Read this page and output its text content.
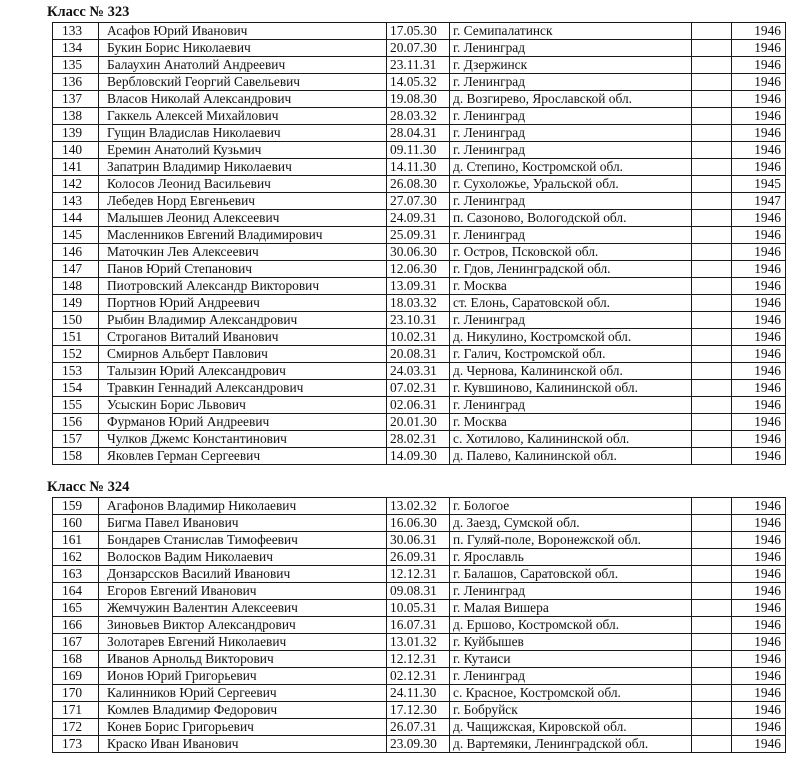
Класс № 323
133	Асафов Юрий Иванович	17.05.30	г. Семипалатинск		1946
134	Букин Борис Николаевич	20.07.30	г. Ленинград		1946
135	Балаухин Анатолий Андреевич	23.11.31	г. Дзержинск		1946
136	Вербловский Георгий Савельевич	14.05.32	г. Ленинград		1946
137	Власов Николай Александрович	19.08.30	д. Возгирево, Ярославской обл.		1946
138	Гаккель Алексей Михайлович	28.03.32	г. Ленинград		1946
139	Гущин Владислав Николаевич	28.04.31	г. Ленинград		1946
140	Еремин Анатолий Кузьмич	09.11.30	г. Ленинград		1946
141	Запатрин Владимир Николаевич	14.11.30	д. Степино, Костромской обл.		1946
142	Колосов Леонид Васильевич	26.08.30	г. Сухоложье, Уральской обл.		1945
143	Лебедев Норд Евгеньевич	27.07.30	г. Ленинград		1947
144	Малышев Леонид Алексеевич	24.09.31	п. Сазоново, Вологодской обл.		1946
145	Масленников Евгений Владимирович	25.09.31	г. Ленинград		1946
146	Маточкин Лев Алексеевич	30.06.30	г. Остров, Псковской обл.		1946
147	Панов Юрий Степанович	12.06.30	г. Гдов, Ленинградской обл.		1946
148	Пиотровский Александр Викторович	13.09.31	г. Москва		1946
149	Портнов Юрий Андреевич	18.03.32	ст. Елонь, Саратовской обл.		1946
150	Рыбин Владимир Александрович	23.10.31	г. Ленинград		1946
151	Строганов Виталий Иванович	10.02.31	д. Никулино, Костромской обл.		1946
152	Смирнов Альберт Павлович	20.08.31	г. Галич, Костромской обл.		1946
153	Талызин Юрий Александрович	24.03.31	д. Чернова, Калининской обл.		1946
154	Травкин Геннадий Александрович	07.02.31	г. Кувшиново, Калининской обл.		1946
155	Усыскин Борис Львович	02.06.31	г. Ленинград		1946
156	Фурманов Юрий Андреевич	20.01.30	г. Москва		1946
157	Чулков Джемс Константинович	28.02.31	с. Хотилово, Калининской обл.		1946
158	Яковлев Герман Сергеевич	14.09.30	д. Палево, Калининской обл.		1946
Класс № 324
159	Агафонов Владимир Николаевич	13.02.32	г. Бологое		1946
160	Бигма Павел Иванович	16.06.30	д. Заезд, Сумской обл.		1946
161	Бондарев Станислав Тимофеевич	30.06.31	п. Гуляй-поле, Воронежской обл.		1946
162	Волосков Вадим Николаевич	26.09.31	г. Ярославль		1946
163	Донзарссков Василий Иванович	12.12.31	г. Балашов, Саратовской обл.		1946
164	Егоров Евгений Иванович	09.08.31	г. Ленинград		1946
165	Жемчужин Валентин Алексеевич	10.05.31	г. Малая Вишера		1946
166	Зиновьев Виктор Александрович	16.07.31	д. Ершово, Костромской обл.		1946
167	Золотарев Евгений Николаевич	13.01.32	г. Куйбышев		1946
168	Иванов Арнольд Викторович	12.12.31	г. Кутаиси		1946
169	Ионов Юрий Григорьевич	02.12.31	г. Ленинград		1946
170	Калинников Юрий Сергеевич	24.11.30	с. Красное, Костромской обл.		1946
171	Комлев Владимир Федорович	17.12.30	г. Бобруйск		1946
172	Конев Борис Григорьевич	26.07.31	д. Чащижская, Кировской обл.		1946
173	Краско Иван Иванович	23.09.30	д. Вартемяки, Ленинградской обл.		1946
